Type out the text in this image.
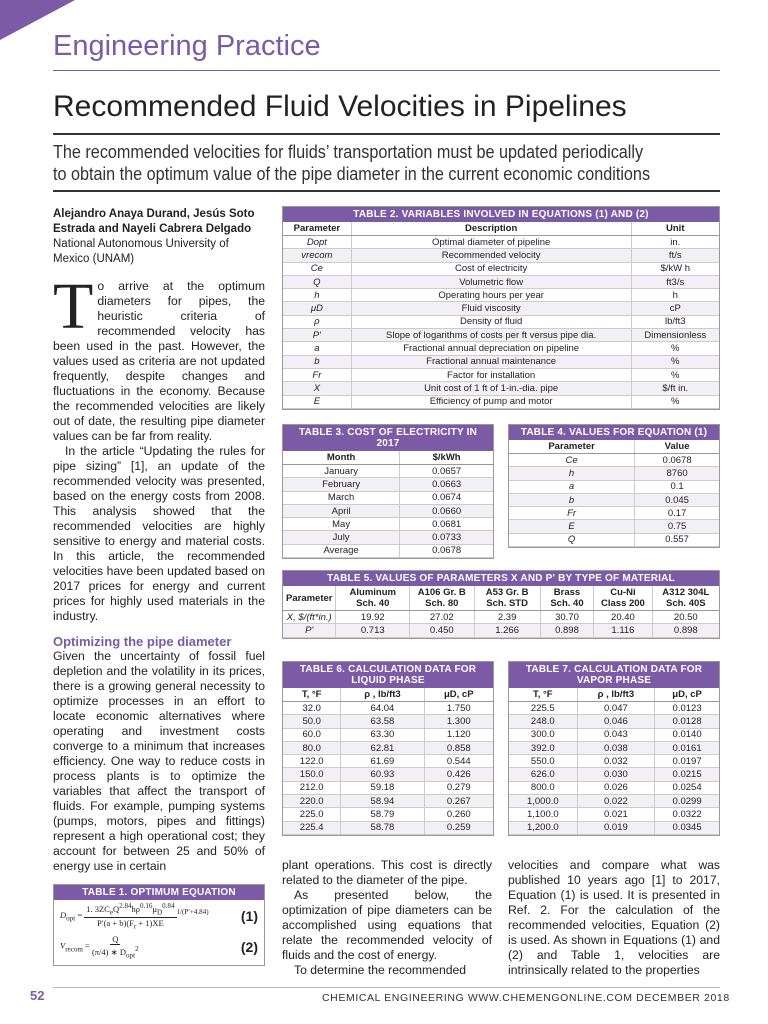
Engineering Practice
Recommended Fluid Velocities in Pipelines
The recommended velocities for fluids’ transportation must be updated periodically to obtain the optimum value of the pipe diameter in the current economic conditions
Alejandro Anaya Durand, Jesús Soto Estrada and Nayeli Cabrera Delgado
National Autonomous University of Mexico (UNAM)

To arrive at the optimum diameters for pipes, the heuristic criteria of recommended velocity has been used in the past. However, the values used as criteria are not updated frequently, despite changes and fluctuations in the economy. Because the recommended velocities are likely out of date, the resulting pipe diameter values can be far from reality.

In the article “Updating the rules for pipe sizing” [1], an update of the recommended velocity was presented, based on the energy costs from 2008. This analysis showed that the recommended velocities are highly sensitive to energy and material costs. In this article, the recommended velocities have been updated based on 2017 prices for energy and current prices for highly used materials in the industry.

Optimizing the pipe diameter

Given the uncertainty of fossil fuel depletion and the volatility in its prices, there is a growing general necessity to optimize processes in an effort to locate economic alternatives where operating and investment costs converge to a minimum that increases efficiency. One way to reduce costs in process plants is to optimize the variables that affect the transport of fluids. For example, pumping systems (pumps, motors, pipes and fittings) represent a high operational cost; they account for between 25 and 50% of energy use in certain

TABLE 1. OPTIMUM EQUATION
$D_{opt} = \frac{1. 3ZC_eQ^{2.84}h\rho^{0.16}\mu_D^{0.84}}{P'(a + b)(F_r + 1)XE} ^{1/(P'+4.84)}$ (1)
$V_{recom} = \frac{Q}{(\pi/4) ∗ D_{opt}^2}$	(2)
TABLE 2. VARIABLES INVOLVED IN EQUATIONS (1) AND (2)
Parameter	Description	Unit
Dopt	Optimal diameter of pipeline	in.
vrecom	Recommended velocity	ft/s
Ce	Cost of electricity	$/kW h
Q	Volumetric flow	ft3/s
h	Operating hours per year	h
μD	Fluid viscosity	cP
ρ	Density of fluid	lb/ft3
P'	Slope of logarithms of costs per ft versus pipe dia.	Dimensionless
a	Fractional annual depreciation on pipeline	%
b	Fractional annual maintenance	%
Fr	Factor for installation	%
X	Unit cost of 1 ft of 1-in.-dia. pipe	$/ft in.
E	Efficiency of pump and motor	%
TABLE 3. COST OF ELECTRICITY IN 2017
Month	$/kWh
January	0.0657
February	0.0663
March	0.0674
April	0.0660
May	0.0681
July	0.0733
Average	0.0678
TABLE 4. VALUES FOR EQUATION (1)
Parameter	Value
Ce	0.0678
h	8760
a	0.1
b	0.045
Fr	0.17
E	0.75
Q	0.557
TABLE 5. VALUES OF PARAMETERS X AND P' BY TYPE OF MATERIAL
Parameter	Aluminum Sch. 40	A106 Gr. B Sch. 80	A53 Gr. B Sch. STD	Brass Sch. 40	Cu-Ni Class 200	A312 304L Sch. 40S
X, $/(ft*in.)	19.92	27.02	2.39	30.70	20.40	20.50
P'	0.713	0.450	1.266	0.898	1.116	0.898
TABLE 6. CALCULATION DATA FOR LIQUID PHASE
T, °F	ρ , lb/ft3	μD, cP
32.0	64.04	1.750
50.0	63.58	1.300
60.0	63.30	1.120
80.0	62.81	0.858
122.0	61.69	0.544
150.0	60.93	0.426
212.0	59.18	0.279
220.0	58.94	0.267
225.0	58.79	0.260
225.4	58.78	0.259
TABLE 7. CALCULATION DATA FOR VAPOR PHASE
T, °F	ρ , lb/ft3	μD, cP
225.5	0.047	0.0123
248.0	0.046	0.0128
300.0	0.043	0.0140
392.0	0.038	0.0161
550.0	0.032	0.0197
626.0	0.030	0.0215
800.0	0.026	0.0254
1,000.0	0.022	0.0299
1,100.0	0.021	0.0322
1,200.0	0.019	0.0345

plant operations. This cost is directly related to the diameter of the pipe.

As presented below, the optimization of pipe diameters can be accomplished using equations that relate the recommended velocity of fluids and the cost of energy.

To determine the recommended

velocities and compare what was published 10 years ago [1] to 2017, Equation (1) is used. It is presented in Ref. 2. For the calculation of the recommended velocities, Equation (2) is used. As shown in Equations (1) and (2) and Table 1, velocities are intrinsically related to the properties

52	CHEMICAL ENGINEERING WWW.CHEMENGONLINE.COM DECEMBER 2018
